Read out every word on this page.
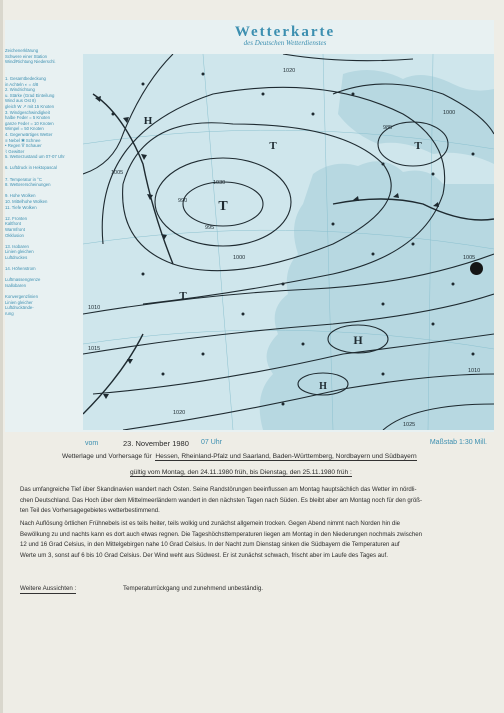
Wetterkarte
des Deutschen Wetterdienstes
Zeichenerklärung
Schwere einer Station
Wind/Richtung Niederschl.

1. Gesamtbedeckung
in Achteln ◐ = 4/8
2. Windrichtung
u. Stärke (Grad Einteilung
Wind aus Ost 8)
gleich W ↗ mit 15 Knoten
3. Windgeschwindigkeit
halbe Feder = 5 Knoten
ganze Feder = 10 Knoten
Wimpel = 50 Knoten
4. Gegenwärtiges Wetter
≡ Nebel ✱ Schnee
• Regen ∇ Schauer
⌇ Gewitter
5. Wetterzustand um 07-07 Uhr

6. Luftdruck in Hektopascal

7. Temperatur in °C
8. Wettererscheinungen

9. Hohe Wolken
10. Mittelhohe Wolken
11. Tiefe Wolken

12. Fronten
Kaltfront
Warmfront
Okklusion

13. Isobaren
Linien gleichen
Luftdruckes

14. Höhenstrom

Luftmassengrenze
Isallobaren

Konvergenzlinien
Linien gleicher
Luftdruckände-
rung
T
T	T
T
H
H
H
1000
1005
1010
1015
1020
1025
1030
990
995
985
1000
1005
1010
1020
vom	23. November 1980 07 Uhr	Maßstab 1:30 Mill.
Wetterlage und Vorhersage für Hessen, Rheinland-Pfalz und Saarland, Baden-Württemberg, Nordbayern und Südbayern
gültig vom Montag, den 24.11.1980 früh, bis Dienstag, den 25.11.1980 früh :
Das umfangreiche Tief über Skandinavien wandert nach Osten. Seine Randstörungen beeinflussen am Montag hauptsächlich das Wetter im nördli-
chen Deutschland. Das Hoch über dem Mittelmeerländern wandert in den nächsten Tagen nach Süden. Es bleibt aber am Montag noch für den größ-
ten Teil des Vorhersagegebietes wetterbestimmend.
Nach Auflösung örtlichen Frühnebels ist es teils heiter, teils wolkig und zunächst allgemein trocken. Gegen Abend nimmt nach Norden hin die
Bewölkung zu und nachts kann es dort auch etwas regnen. Die Tageshöchsttemperaturen liegen am Montag in den Niederungen nochmals zwischen
12 und 16 Grad Celsius, in den Mittelgebirgen nahe 10 Grad Celsius. In der Nacht zum Dienstag sinken die Südbayern die Temperaturen auf
Werte um 3, sonst auf 6 bis 10 Grad Celsius. Der Wind weht aus Südwest. Er ist zunächst schwach, frischt aber im Laufe des Tages auf.
Weitere Aussichten :	Temperaturrückgang und zunehmend unbeständig.
